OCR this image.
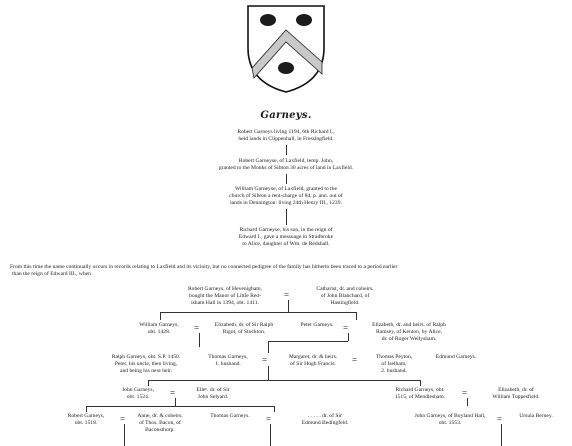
Garneys.
Robert Garneys living 1194, 6th Richard I.,
held lands in Clippenhall, in Fressingfield.
Robert Garneyse, of Laxfield, temp. John,
granted to the Monks of Sibton 30 acres of land in Laxfield.
William Garneyse, of Laxfield, granted to the
church of Sibton a rent-charge of 8d. p. ann. out of
lands in Dennington: living 24th Henry III., 1239.
Richard Garneyse, his son, in the reign of
Edward I., gave a messuage in Stradbroke
to Alice, daughter of Wm. de Redshall.
From this time the name continually occurs in records relating to Laxfield and its vicinity, but no connected pedigree of the family has hitherto been traced to a period earlier
than the reign of Edward III., when
Robert Garneys, of Hevenigham,
bought the Manor of Little Red-
isham Hall in 1394, obt. 1411.
=
Catharist, dr. and coheirs.
of John Blanchard, of
Hastingfield.
William Garneys,
obt. 1428.	=	Elizabeth, dr. of Sir Ralph
Bigot, of Stockton.
Peter Garneys.	=	Elizabeth, dr. and heirs. of Ralph
Ramsey, of Kenton, by Alice,
dr. of Roger Wellysham.
Ralph Garneys, obt. S.P. 1450.
Peter, his uncle, then living,
and being his next heir.
Thomas Garneys,
1. husband.	=	Margaret, dr. & heirs.
of Sir Hugh Francis.	=	Thomas Peyton,
of Iselham,
2. husband.
Edmund Garneys.
John Garneys,
obt. 1524.	=	Elleⁿ. dr. of Sir
John Selyard.
Richard Garneys, obt.
1515, of Mendlesham.	=	Elizabeth, dr. of
William Toppesfield.
Robert Garneys,
obt. 1518.	=	Anne, dr. & coheirs.
of Thos. Bacon, of
Baconsthorp.
Thomas Garneys.	=	. . . . . dr. of Sir
Edmund Bedingfeld.
John Garneys, of Boyland Hall,
obt. 1553.	=	Ursula Berney.
